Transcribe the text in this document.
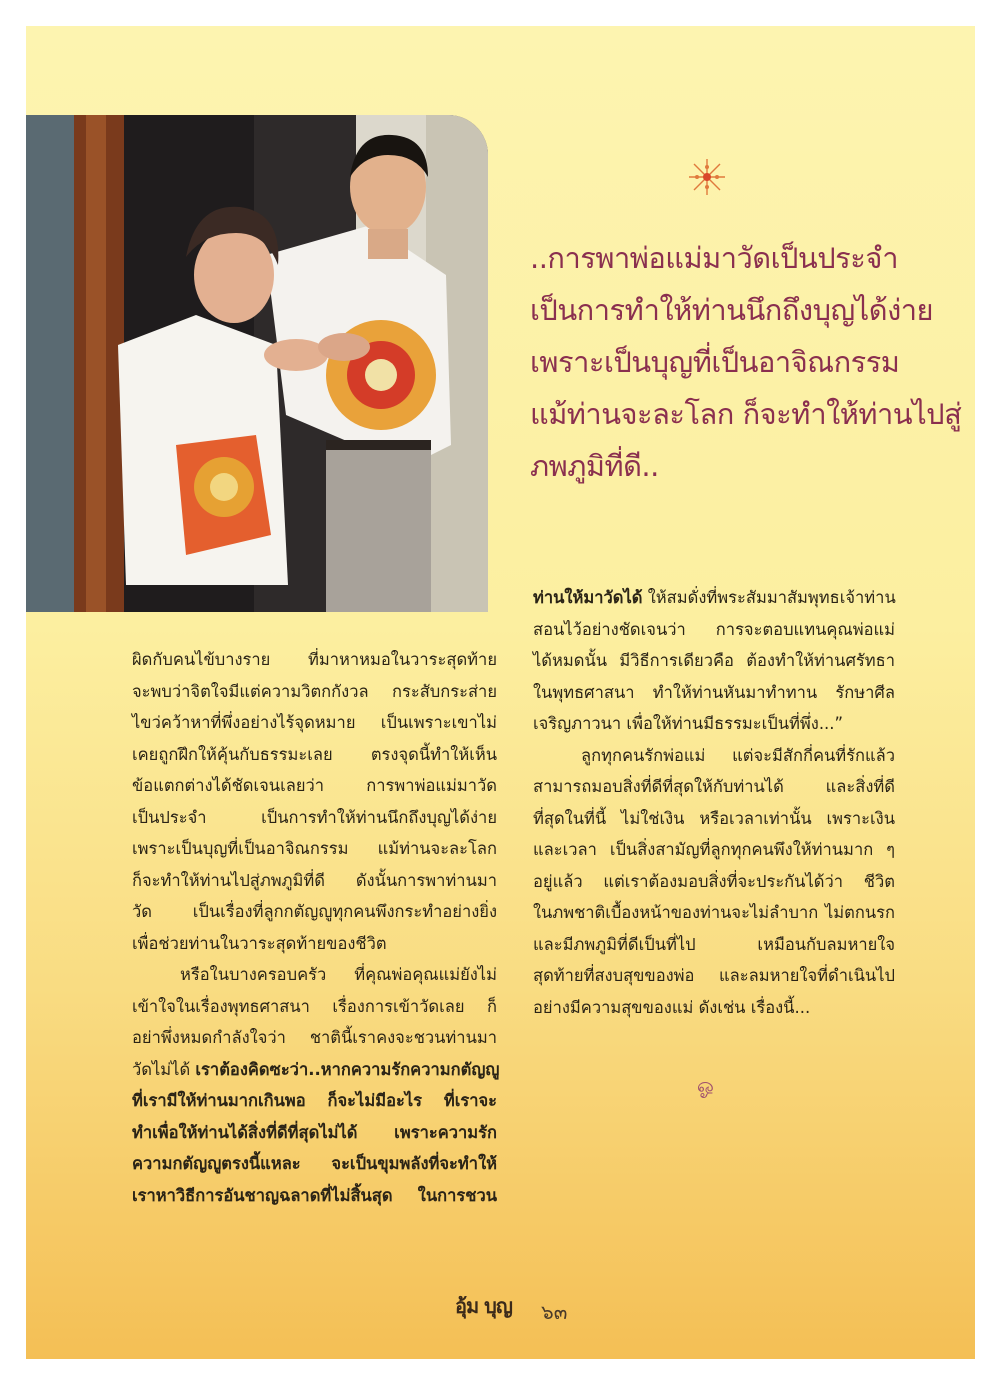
..การพาพ่อแม่มาวัดเป็นประจำ
เป็นการทำให้ท่านนึกถึงบุญได้ง่าย
เพราะเป็นบุญที่เป็นอาจิณกรรม
แม้ท่านจะละโลก ก็จะทำให้ท่านไปสู่
ภพภูมิที่ดี..
ผิดกับคนไข้บางราย ที่มาหาหมอในวาระสุดท้าย
จะพบว่าจิตใจมีแต่ความวิตกกังวล กระสับกระส่าย
ไขว่คว้าหาที่พึ่งอย่างไร้จุดหมาย เป็นเพราะเขาไม่
เคยถูกฝึกให้คุ้นกับธรรมะเลย ตรงจุดนี้ทำให้เห็น
ข้อแตกต่างได้ชัดเจนเลยว่า การพาพ่อแม่มาวัด
เป็นประจำ เป็นการทำให้ท่านนึกถึงบุญได้ง่าย
เพราะเป็นบุญที่เป็นอาจิณกรรม แม้ท่านจะละโลก
ก็จะทำให้ท่านไปสู่ภพภูมิที่ดี ดังนั้นการพาท่านมา
วัด เป็นเรื่องที่ลูกกตัญญูทุกคนพึงกระทำอย่างยิ่ง
เพื่อช่วยท่านในวาระสุดท้ายของชีวิต
หรือในบางครอบครัว ที่คุณพ่อคุณแม่ยังไม่
เข้าใจในเรื่องพุทธศาสนา เรื่องการเข้าวัดเลย ก็
อย่าพึ่งหมดกำลังใจว่า ชาตินี้เราคงจะชวนท่านมา
วัดไม่ได้ เราต้องคิดซะว่า..หากความรักความกตัญญู
ที่เรามีให้ท่านมากเกินพอ ก็จะไม่มีอะไร ที่เราจะ
ทำเพื่อให้ท่านได้สิ่งที่ดีที่สุดไม่ได้ เพราะความรัก
ความกตัญญูตรงนี้แหละ จะเป็นขุมพลังที่จะทำให้
เราหาวิธีการอันชาญฉลาดที่ไม่สิ้นสุด ในการชวน
ท่านให้มาวัดได้ ให้สมดั่งที่พระสัมมาสัมพุทธเจ้าท่าน
สอนไว้อย่างชัดเจนว่า การจะตอบแทนคุณพ่อแม่
ได้หมดนั้น มีวิธีการเดียวคือ ต้องทำให้ท่านศรัทธา
ในพุทธศาสนา ทำให้ท่านหันมาทำทาน รักษาศีล
เจริญภาวนา เพื่อให้ท่านมีธรรมะเป็นที่พึ่ง...”
ลูกทุกคนรักพ่อแม่ แต่จะมีสักกี่คนที่รักแล้ว
สามารถมอบสิ่งที่ดีที่สุดให้กับท่านได้ และสิ่งที่ดี
ที่สุดในที่นี้ ไม่ใช่เงิน หรือเวลาเท่านั้น เพราะเงิน
และเวลา เป็นสิ่งสามัญที่ลูกทุกคนพึงให้ท่านมาก ๆ
อยู่แล้ว แต่เราต้องมอบสิ่งที่จะประกันได้ว่า ชีวิต
ในภพชาติเบื้องหน้าของท่านจะไม่ลำบาก ไม่ตกนรก
และมีภพภูมิที่ดีเป็นที่ไป เหมือนกับลมหายใจ
สุดท้ายที่สงบสุขของพ่อ และลมหายใจที่ดำเนินไป
อย่างมีความสุขของแม่ ดังเช่น เรื่องนี้...
ஓ
อุ้ม บุญ ๖๓
